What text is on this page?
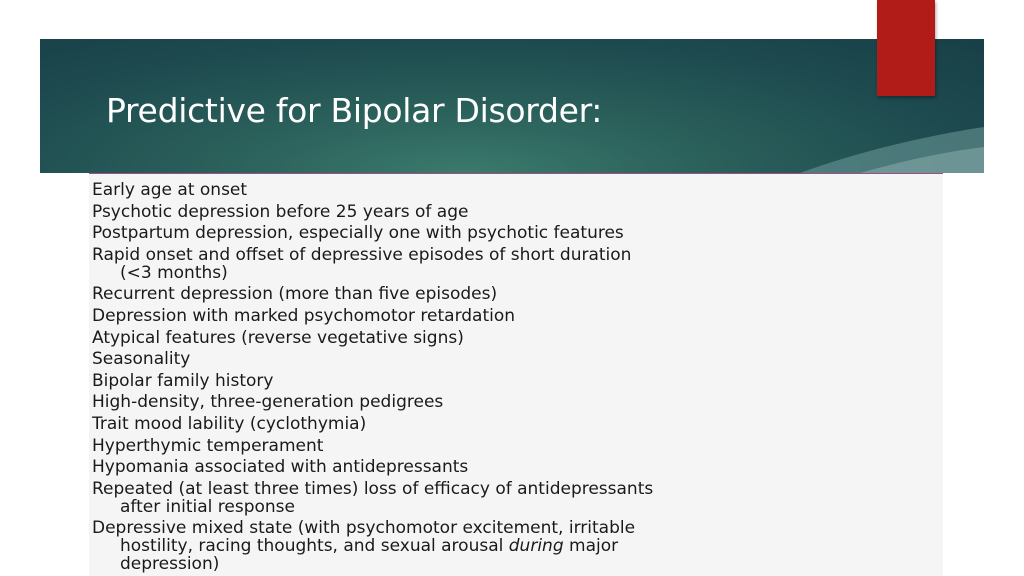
Predictive for Bipolar Disorder:
Early age at onset
Psychotic depression before 25 years of age
Postpartum depression, especially one with psychotic features
Rapid onset and offset of depressive episodes of short duration
(<3 months)
Recurrent depression (more than five episodes)
Depression with marked psychomotor retardation
Atypical features (reverse vegetative signs)
Seasonality
Bipolar family history
High-density, three-generation pedigrees
Trait mood lability (cyclothymia)
Hyperthymic temperament
Hypomania associated with antidepressants
Repeated (at least three times) loss of efficacy of antidepressants
after initial response
Depressive mixed state (with psychomotor excitement, irritable
hostility, racing thoughts, and sexual arousal during major
depression)
